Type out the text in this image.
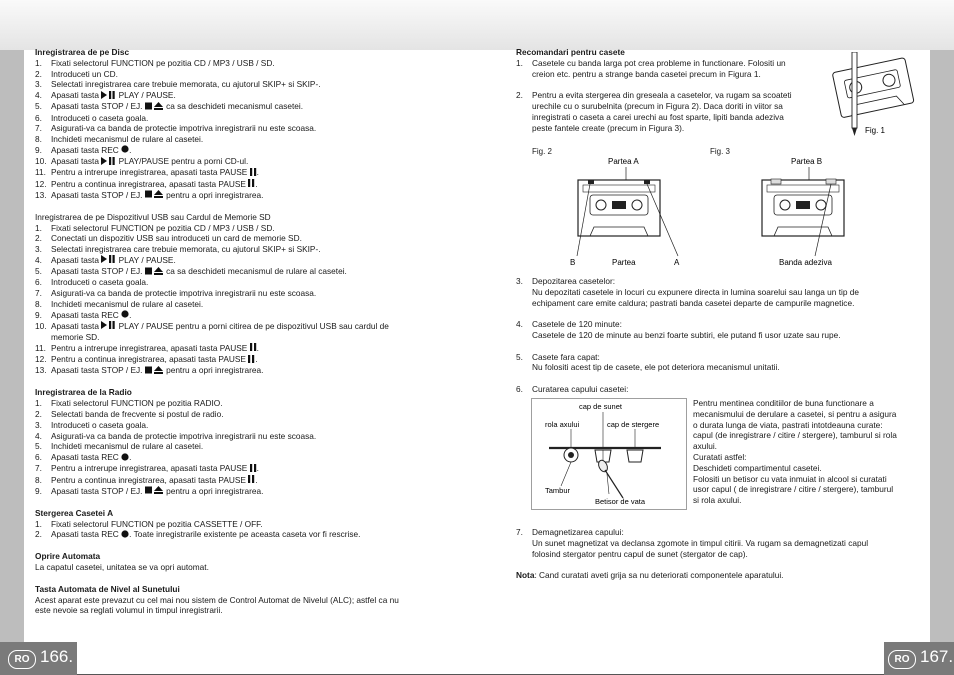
RO 166.	RO 167.
Inregistrarea de pe Disc
1.	Fixati selectorul FUNCTION pe pozitia CD / MP3 / USB / SD.
2.	Introduceti un CD.
3.	Selectati inregistrarea care trebuie memorata, cu ajutorul SKIP+ si SKIP-.
4.	Apasati tasta  PLAY / PAUSE.
5.	Apasati tasta STOP / EJ.  ca sa deschideti mecanismul casetei.
6.	Introduceti o caseta goala.
7.	Asigurati-va ca banda de protectie impotriva inregistrarii nu este scoasa.
8.	Inchideti mecanismul de rulare al casetei.
9.	Apasati tasta REC .
10. Apasati tasta  PLAY/PAUSE pentru a porni CD-ul.
11. Pentru a intrerupe inregistrarea, apasati tasta PAUSE .
12. Pentru a continua inregistrarea, apasati tasta PAUSE .
13. Apasati tasta STOP / EJ.  pentru a opri inregistrarea.
Inregistrarea de pe Dispozitivul USB sau Cardul de Memorie SD
1.	Fixati selectorul FUNCTION pe pozitia CD / MP3 / USB / SD.
2.	Conectati un dispozitiv USB sau introduceti un card de memorie SD.
3.	Selectati inregistrarea care trebuie memorata, cu ajutorul SKIP+ si SKIP-.
4.	Apasati tasta  PLAY / PAUSE.
5.	Apasati tasta STOP / EJ.  ca sa deschideti mecanismul de rulare al casetei.
6.	Introduceti o caseta goala.
7.	Asigurati-va ca banda de protectie impotriva inregistrarii nu este scoasa.
8.	Inchideti mecanismul de rulare al casetei.
9.	Apasati tasta REC .
10. Apasati tasta  PLAY / PAUSE pentru a porni citirea de pe dispozitivul USB sau cardul de
memorie SD.
11. Pentru a intrerupe inregistrarea, apasati tasta PAUSE .
12. Pentru a continua inregistrarea, apasati tasta PAUSE .
13. Apasati tasta STOP / EJ.  pentru a opri inregistrarea.
Inregistrarea de la Radio
1.	Fixati selectorul FUNCTION pe pozitia RADIO.
2.	Selectati banda de frecvente si postul de radio.
3.	Introduceti o caseta goala.
4.	Asigurati-va ca banda de protectie impotriva inregistrarii nu este scoasa.
5.	Inchideti mecanismul de rulare al casetei.
6.	Apasati tasta REC .
7.	Pentru a intrerupe inregistrarea, apasati tasta PAUSE .
8.	Pentru a continua inregistrarea, apasati tasta PAUSE .
9.	Apasati tasta STOP / EJ.  pentru a opri inregistrarea.
Stergerea Casetei A
1.	Fixati selectorul FUNCTION pe pozitia CASSETTE / OFF.
2.	Apasati tasta REC . Toate inregistrarile existente pe aceasta caseta vor fi rescrise.
Oprire Automata
La capatul casetei, unitatea se va opri automat.
Tasta Automata de Nivel al Sunetului
Acest aparat este prevazut cu cel mai nou sistem de Control Automat de Nivelul (ALC); astfel ca nu
este nevoie sa reglati volumul in timpul inregistrarii.
Recomandari pentru casete
1.	Casetele cu banda larga pot crea probleme in functionare. Folositi un
creion etc. pentru a strange banda casetei precum in Figura 1.
2.	Pentru a evita stergerea din greseala a casetelor, va rugam sa scoateti
urechile cu o surubelnita (precum in Figura 2). Daca doriti in viitor sa
inregistrati o caseta a carei urechi au fost sparte, lipiti banda adeziva
peste fantele create (precum in Figura 3).	Fig. 1
Fig. 2	Fig. 3
Partea A
B	Partea	A
Partea B
Banda adeziva
3.	Depozitarea casetelor:
Nu depozitati casetele in locuri cu expunere directa in lumina soarelui sau langa un tip de
echipament care emite caldura; pastrati banda casetei departe de campurile magnetice.
4.	Casetele de 120 minute:
Casetele de 120 de minute au benzi foarte subtiri, ele putand fi usor uzate sau rupe.
5.	Casete fara capat:
Nu folositi acest tip de casete, ele pot deteriora mecanismul unitatii.
6.	Curatarea capului casetei:
cap de sunet
rola axului	cap de stergere
Tambur
Betisor de vata
Pentru mentinea conditiilor de buna functionare a
mecanismului de derulare a casetei, si pentru a asigura
o durata lunga de viata, pastrati intotdeauna curate:
capul (de inregistrare / citire / stergere), tamburul si rola
axului.
Curatati astfel:
Deschideti compartimentul casetei.
Folositi un betisor cu vata inmuiat in alcool si curatati
usor capul ( de inregistrare / citire / stergere), tamburul
si rola axului.
7.	Demagnetizarea capului:
Un sunet magnetizat va declansa zgomote in timpul citirii. Va rugam sa demagnetizati capul
folosind stergator pentru capul de sunet (stergator de cap).
Nota: Cand curatati aveti grija sa nu deteriorati componentele aparatului.
